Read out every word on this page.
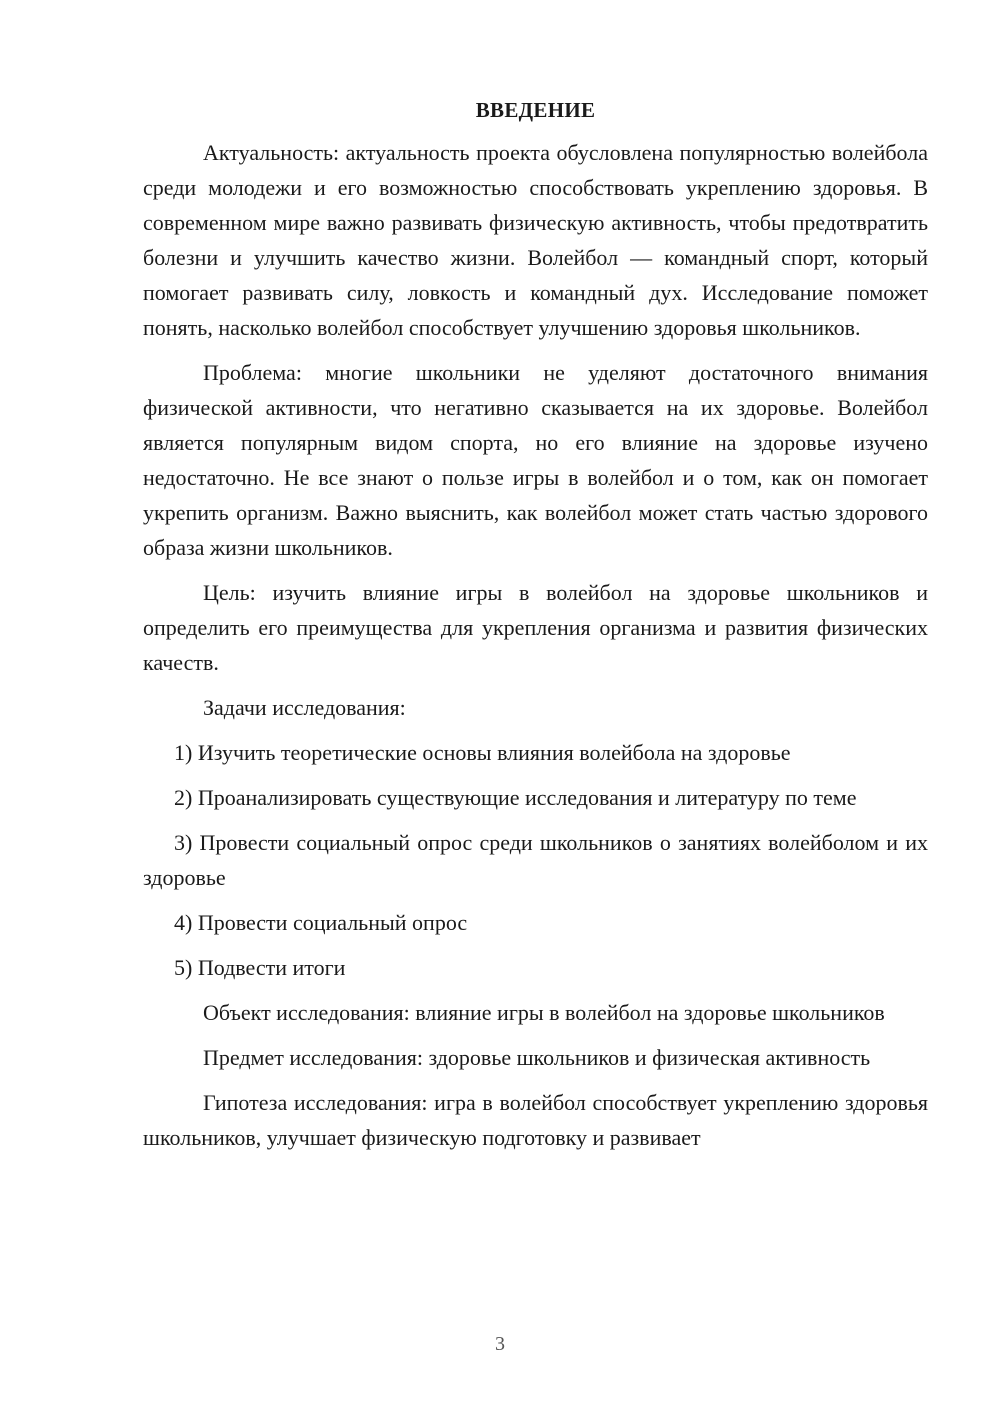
ВВЕДЕНИЕ

Актуальность: актуальность проекта обусловлена популярностью волейбола среди молодежи и его возможностью способствовать укреплению здоровья. В современном мире важно развивать физическую активность, чтобы предотвратить болезни и улучшить качество жизни. Волейбол — командный спорт, который помогает развивать силу, ловкость и командный дух. Исследование поможет понять, насколько волейбол способствует улучшению здоровья школьников.

Проблема: многие школьники не уделяют достаточного внимания физической активности, что негативно сказывается на их здоровье. Волейбол является популярным видом спорта, но его влияние на здоровье изучено недостаточно. Не все знают о пользе игры в волейбол и о том, как он помогает укрепить организм. Важно выяснить, как волейбол может стать частью здорового образа жизни школьников.

Цель: изучить влияние игры в волейбол на здоровье школьников и определить его преимущества для укрепления организма и развития физических качеств.

Задачи исследования:

1) Изучить теоретические основы влияния волейбола на здоровье

2) Проанализировать существующие исследования и литературу по теме

3) Провести социальный опрос среди школьников о занятиях волейболом и их здоровье

4) Провести социальный опрос

5) Подвести итоги

Объект исследования: влияние игры в волейбол на здоровье школьников

Предмет исследования: здоровье школьников и физическая активность

Гипотеза исследования: игра в волейбол способствует укреплению здоровья школьников, улучшает физическую подготовку и развивает

3
